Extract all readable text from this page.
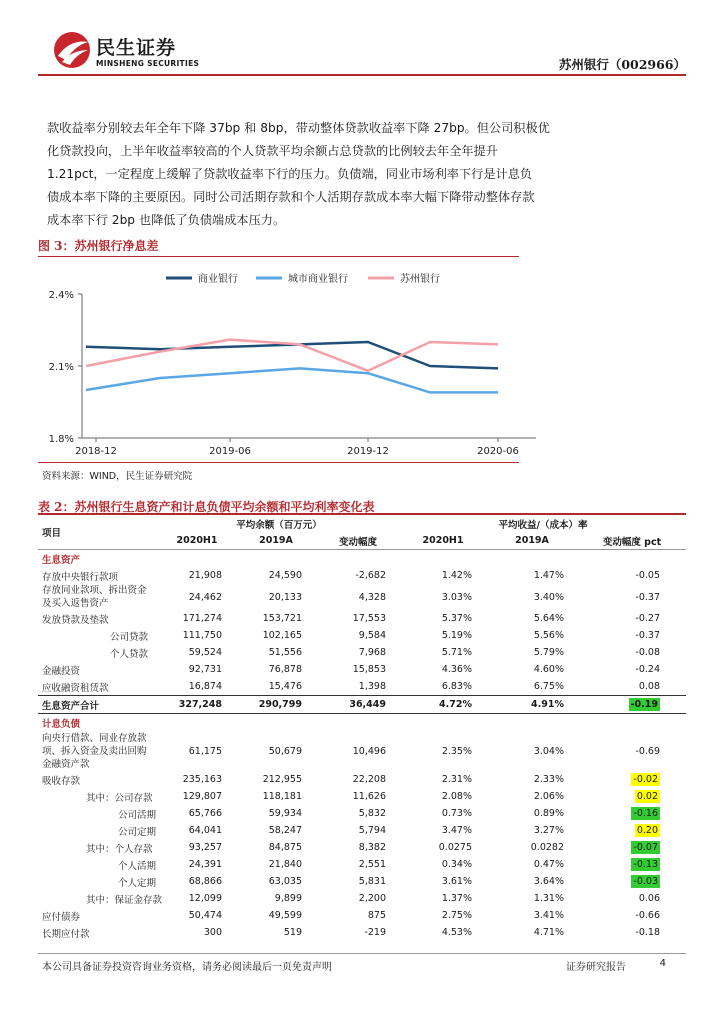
民生证券
MINSHENG SECURITIES	苏州银行（002966）
款收益率分别较去年全年下降 37bp 和 8bp，带动整体贷款收益率下降 27bp。但公司积极优
化贷款投向，上半年收益率较高的个人贷款平均余额占总贷款的比例较去年全年提升
1.21pct，一定程度上缓解了贷款收益率下行的压力。负债端，同业市场利率下行是计息负
债成本率下降的主要原因。同时公司活期存款和个人活期存款成本率大幅下降带动整体存款
成本率下行 2bp 也降低了负债端成本压力。
图 3：苏州银行净息差
商业银行	城市商业银行	苏州银行
2.4%
2.1%
1.8%
2018-12	2019-06	2019-12	2020-06
资料来源：WIND，民生证券研究院
表 2：苏州银行生息资产和计息负债平均余额和平均利率变化表
项目	平均余额（百万元）			平均收益/（成本）率		
	2020H1	2019A	变动幅度	2020H1	2019A	变动幅度 pct
生息资产						
存放中央银行款项	21,908	24,590	-2,682	1.42%	1.47%	-0.05
存放同业款项、拆出资金及买入返售资产	24,462	20,133	4,328	3.03%	3.40%	-0.37
发放贷款及垫款	171,274	153,721	17,553	5.37%	5.64%	-0.27
公司贷款	111,750	102,165	9,584	5.19%	5.56%	-0.37
个人贷款	59,524	51,556	7,968	5.71%	5.79%	-0.08
金融投资	92,731	76,878	15,853	4.36%	4.60%	-0.24
应收融资租赁款	16,874	15,476	1,398	6.83%	6.75%	0.08
生息资产合计	327,248	290,799	36,449	4.72%	4.91%	-0.19
计息负债						
向央行借款、同业存放款项、拆入资金及卖出回购金融资产款	61,175	50,679	10,496	2.35%	3.04%	-0.69
吸收存款	235,163	212,955	22,208	2.31%	2.33%	-0.02
其中：公司存款	129,807	118,181	11,626	2.08%	2.06%	0.02
公司活期	65,766	59,934	5,832	0.73%	0.89%	-0.16
公司定期	64,041	58,247	5,794	3.47%	3.27%	0.20
其中：个人存款	93,257	84,875	8,382	0.0275	0.0282	-0.07
个人活期	24,391	21,840	2,551	0.34%	0.47%	-0.13
个人定期	68,866	63,035	5,831	3.61%	3.64%	-0.03
其中：保证金存款	12,099	9,899	2,200	1.37%	1.31%	0.06
应付债券	50,474	49,599	875	2.75%	3.41%	-0.66
长期应付款	300	519	-219	4.53%	4.71%	-0.18
本公司具备证券投资咨询业务资格，请务必阅读最后一页免责声明	证券研究报告	4
